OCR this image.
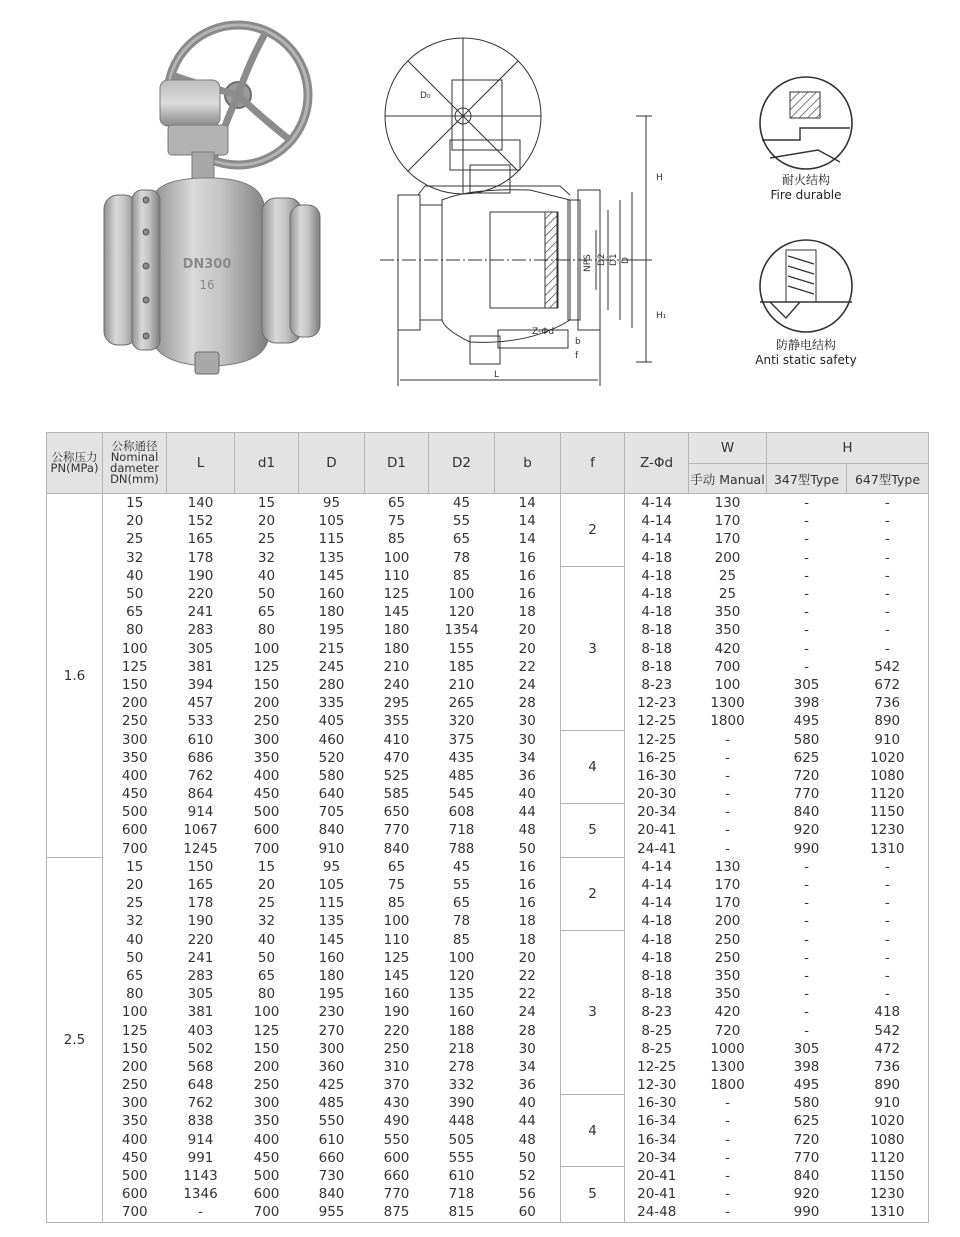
DN300
16
D₀
H
H₁
NPS D2 D1 D
Z-Φd
b
f
L
耐火结构
Fire durable
防静电结构
Anti static safety
公称压力PN(MPa)	公称通径Nominal dameter DN(mm)	L	d1	D	D1	D2	b	f	Z-Φd	W	H	
										手动 Manual	347型Type	647型Type
1.6	15	140	15	95	65	45	14	2	4-14	130	-	-
	20	152	20	105	75	55	14		4-14	170	-	-
	25	165	25	115	85	65	14		4-14	170	-	-
	32	178	32	135	100	78	16		4-18	200	-	-
	40	190	40	145	110	85	16	3	4-18	25	-	-
	50	220	50	160	125	100	16		4-18	25	-	-
	65	241	65	180	145	120	18		4-18	350	-	-
	80	283	80	195	180	1354	20		8-18	350	-	-
	100	305	100	215	180	155	20		8-18	420	-	-
	125	381	125	245	210	185	22		8-18	700	-	542
	150	394	150	280	240	210	24		8-23	100	305	672
	200	457	200	335	295	265	28		12-23	1300	398	736
	250	533	250	405	355	320	30		12-25	1800	495	890
	300	610	300	460	410	375	30	4	12-25	-	580	910
	350	686	350	520	470	435	34		16-25	-	625	1020
	400	762	400	580	525	485	36		16-30	-	720	1080
	450	864	450	640	585	545	40		20-30	-	770	1120
	500	914	500	705	650	608	44	5	20-34	-	840	1150
	600	1067	600	840	770	718	48		20-41	-	920	1230
	700	1245	700	910	840	788	50		24-41	-	990	1310
2.5	15	150	15	95	65	45	16	2	4-14	130	-	-
	20	165	20	105	75	55	16		4-14	170	-	-
	25	178	25	115	85	65	16		4-14	170	-	-
	32	190	32	135	100	78	18		4-18	200	-	-
	40	220	40	145	110	85	18	3	4-18	250	-	-
	50	241	50	160	125	100	20		4-18	250	-	-
	65	283	65	180	145	120	22		8-18	350	-	-
	80	305	80	195	160	135	22		8-18	350	-	-
	100	381	100	230	190	160	24		8-23	420	-	418
	125	403	125	270	220	188	28		8-25	720	-	542
	150	502	150	300	250	218	30		8-25	1000	305	472
	200	568	200	360	310	278	34		12-25	1300	398	736
	250	648	250	425	370	332	36		12-30	1800	495	890
	300	762	300	485	430	390	40	4	16-30	-	580	910
	350	838	350	550	490	448	44		16-34	-	625	1020
	400	914	400	610	550	505	48		16-34	-	720	1080
	450	991	450	660	600	555	50		20-34	-	770	1120
	500	1143	500	730	660	610	52	5	20-41	-	840	1150
	600	1346	600	840	770	718	56		20-41	-	920	1230
	700	-	700	955	875	815	60		24-48	-	990	1310
